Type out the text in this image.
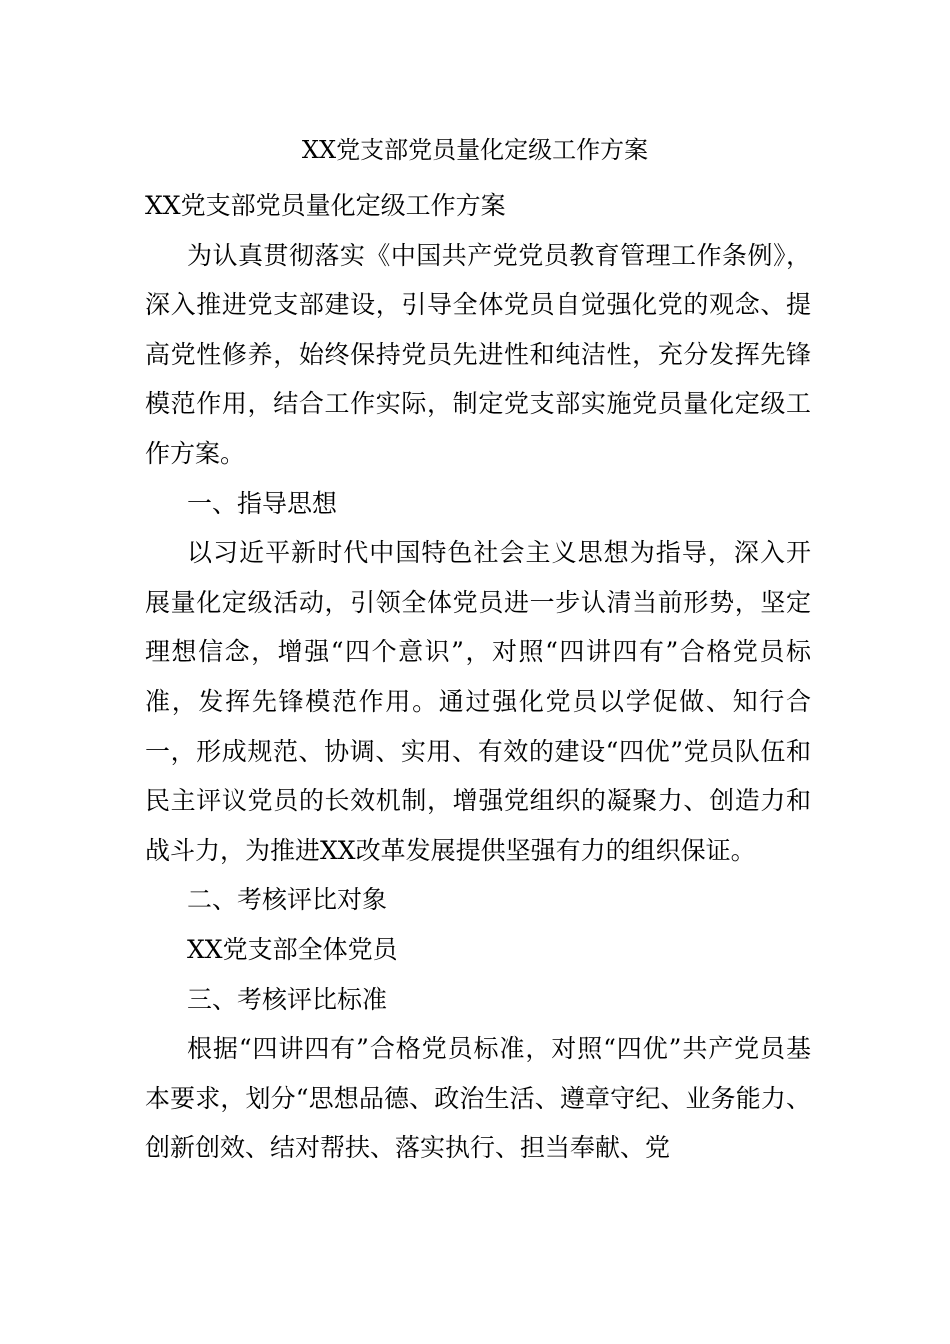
XX党支部党员量化定级工作方案

XX党支部党员量化定级工作方案

为认真贯彻落实《中国共产党党员教育管理工作条例》，深入推进党支部建设，引导全体党员自觉强化党的观念、提高党性修养，始终保持党员先进性和纯洁性，充分发挥先锋模范作用，结合工作实际，制定党支部实施党员量化定级工作方案。

一、指导思想

以习近平新时代中国特色社会主义思想为指导，深入开展量化定级活动，引领全体党员进一步认清当前形势，坚定理想信念，增强“四个意识”，对照“四讲四有”合格党员标准，发挥先锋模范作用。通过强化党员以学促做、知行合一，形成规范、协调、实用、有效的建设“四优”党员队伍和民主评议党员的长效机制，增强党组织的凝聚力、创造力和战斗力，为推进XX改革发展提供坚强有力的组织保证。

二、考核评比对象

XX党支部全体党员

三、考核评比标准

根据“四讲四有”合格党员标准，对照“四优”共产党员基本要求，划分“思想品德、政治生活、遵章守纪、业务能力、创新创效、结对帮扶、落实执行、担当奉献、党
